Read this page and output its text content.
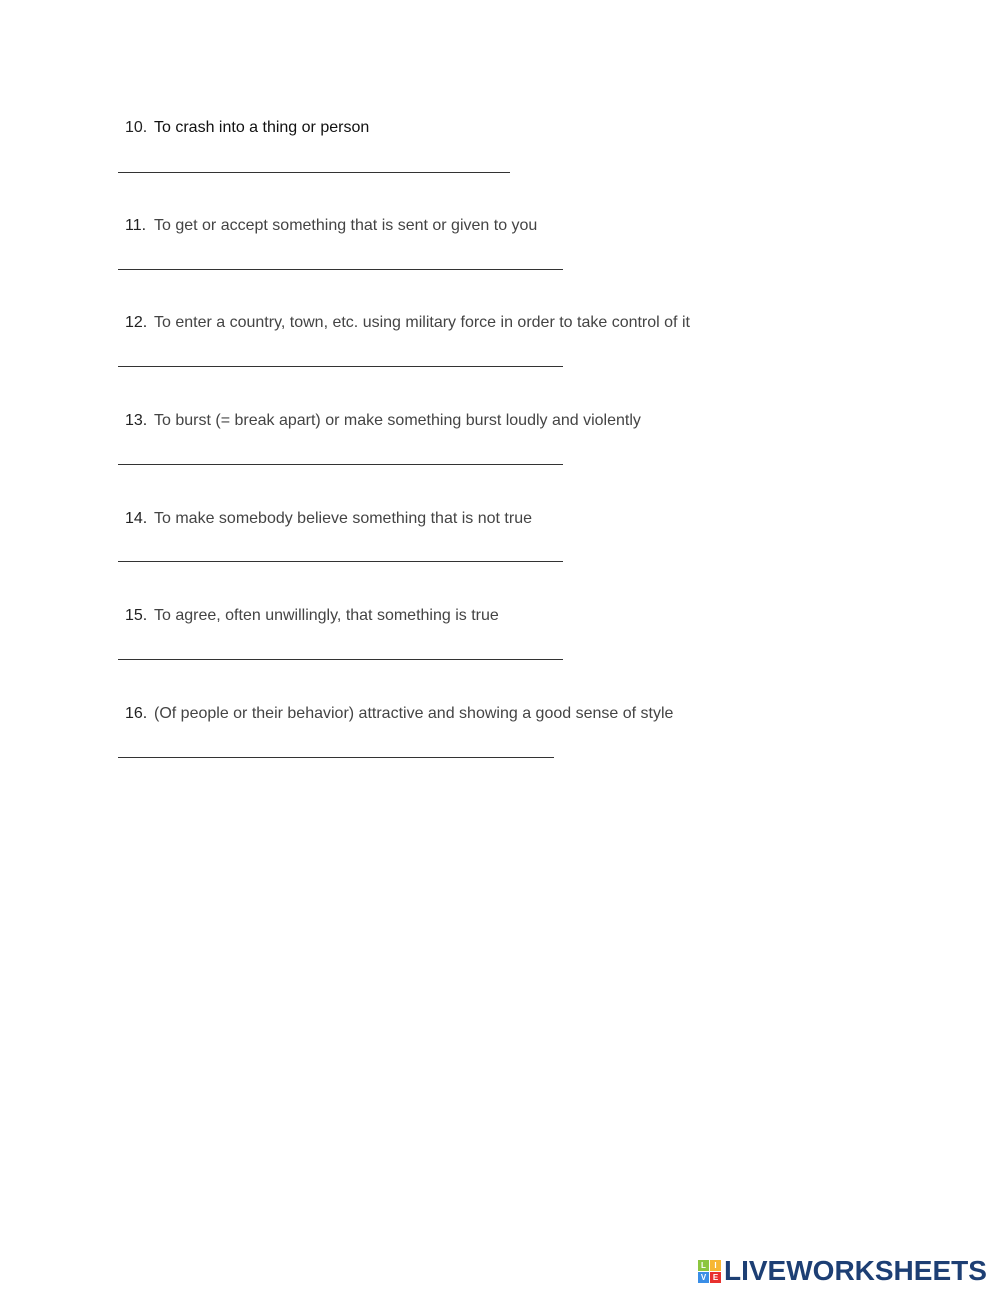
10. To crash into a thing or person
11. To get or accept something that is sent or given to you
12. To enter a country, town, etc. using military force in order to take control of it
13. To burst (= break apart) or make something burst loudly and violently
14. To make somebody believe something that is not true
15. To agree, often unwillingly, that something is true
16. (Of people or their behavior) attractive and showing a good sense of style
L	I
V E LIVEWORKSHEETS
